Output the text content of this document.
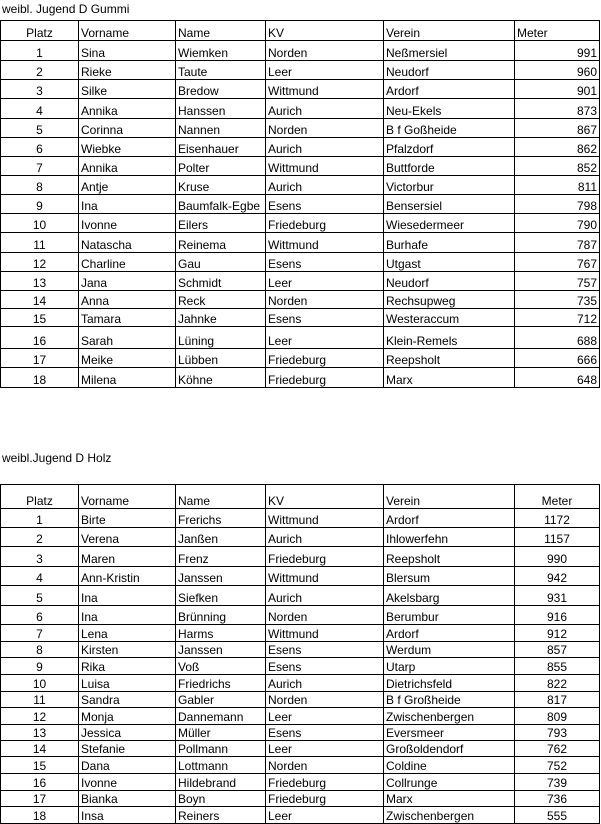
weibl. Jugend D Gummi
Platz	Vorname	Name	KV	Verein	Meter
1	Sina	Wiemken	Norden	Neßmersiel	991
2	Rieke	Taute	Leer	Neudorf	960
3	Silke	Bredow	Wittmund	Ardorf	901
4	Annika	Hanssen	Aurich	Neu-Ekels	873
5	Corinna	Nannen	Norden	B f Goßheide	867
6	Wiebke	Eisenhauer	Aurich	Pfalzdorf	862
7	Annika	Polter	Wittmund	Buttforde	852
8	Antje	Kruse	Aurich	Victorbur	811
9	Ina	Baumfalk-Egbe	Esens	Bensersiel	798
10	Ivonne	Eilers	Friedeburg	Wiesedermeer	790
11	Natascha	Reinema	Wittmund	Burhafe	787
12	Charline	Gau	Esens	Utgast	767
13	Jana	Schmidt	Leer	Neudorf	757
14	Anna	Reck	Norden	Rechsupweg	735
15	Tamara	Jahnke	Esens	Westeraccum	712
16	Sarah	Lüning	Leer	Klein-Remels	688
17	Meike	Lübben	Friedeburg	Reepsholt	666
18	Milena	Köhne	Friedeburg	Marx	648
weibl.Jugend D Holz
Platz	Vorname	Name	KV	Verein	Meter
1	Birte	Frerichs	Wittmund	Ardorf	1172
2	Verena	Janßen	Aurich	Ihlowerfehn	1157
3	Maren	Frenz	Friedeburg	Reepsholt	990
4	Ann-Kristin	Janssen	Wittmund	Blersum	942
5	Ina	Siefken	Aurich	Akelsbarg	931
6	Ina	Brünning	Norden	Berumbur	916
7	Lena	Harms	Wittmund	Ardorf	912
8	Kirsten	Janssen	Esens	Werdum	857
9	Rika	Voß	Esens	Utarp	855
10	Luisa	Friedrichs	Aurich	Dietrichsfeld	822
11	Sandra	Gabler	Norden	B f Großheide	817
12	Monja	Dannemann	Leer	Zwischenbergen	809
13	Jessica	Müller	Esens	Eversmeer	793
14	Stefanie	Pollmann	Leer	Großoldendorf	762
15	Dana	Lottmann	Norden	Coldine	752
16	Ivonne	Hildebrand	Friedeburg	Collrunge	739
17	Bianka	Boyn	Friedeburg	Marx	736
18	Insa	Reiners	Leer	Zwischenbergen	555
